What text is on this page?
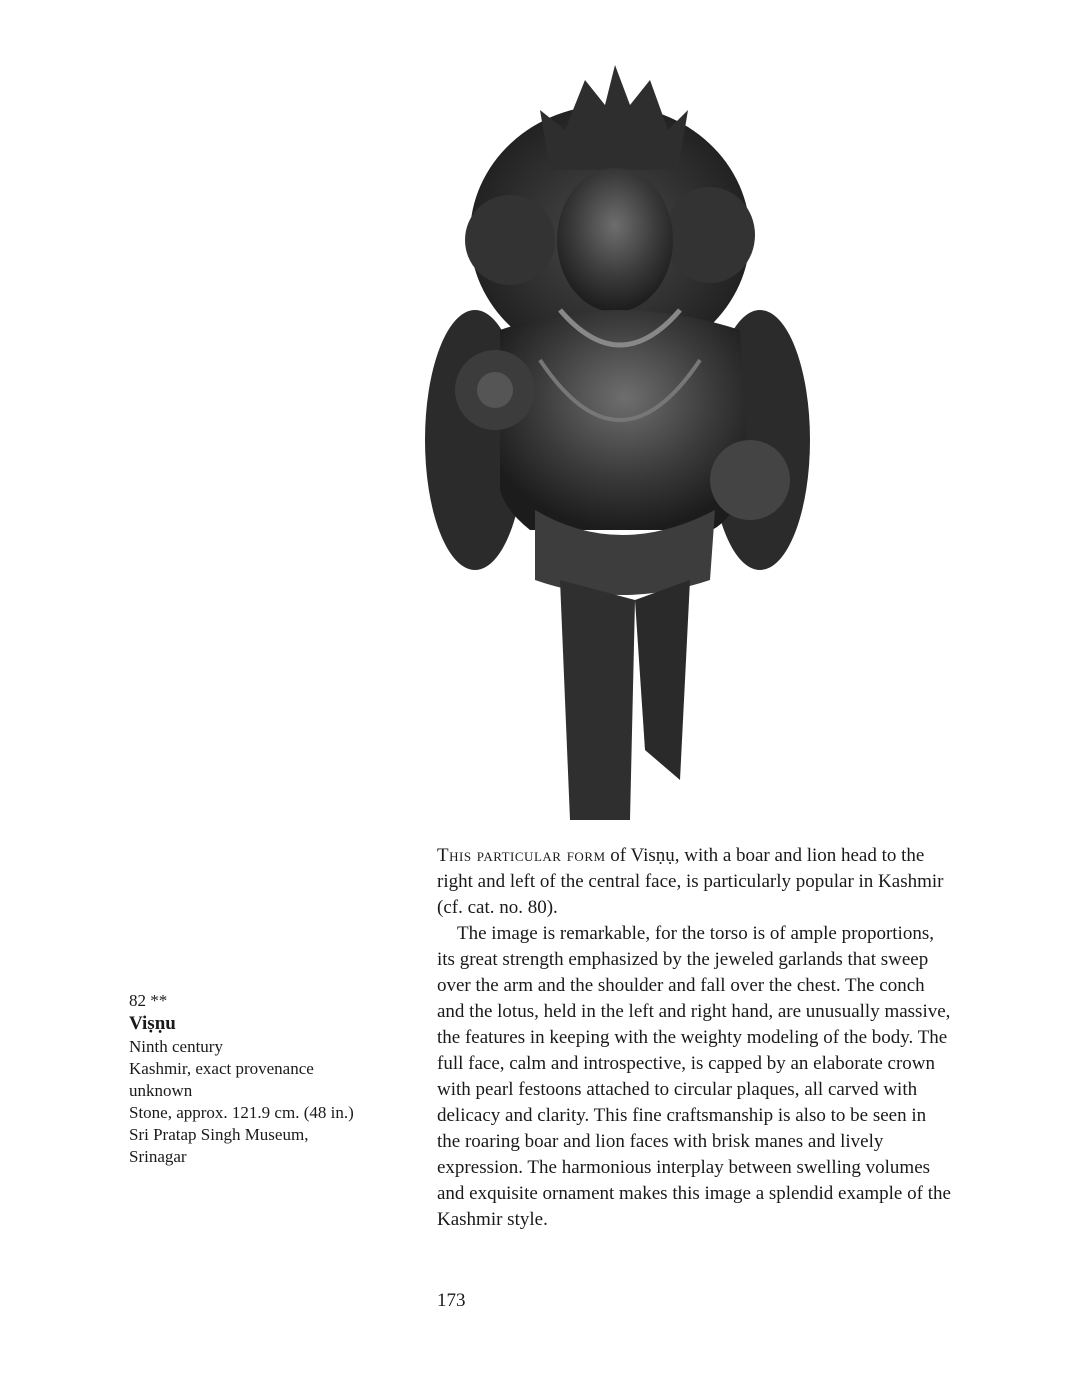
82 **
Viṣṇu
Ninth century
Kashmir, exact provenance
unknown
Stone, approx. 121.9 cm. (48 in.)
Sri Pratap Singh Museum,
Srinagar

This particular form of Visṇụ, with a boar and lion head to the right and left of the central face, is particularly popular in Kashmir (cf. cat. no. 80).

The image is remarkable, for the torso is of ample proportions, its great strength emphasized by the jeweled garlands that sweep over the arm and the shoulder and fall over the chest. The conch and the lotus, held in the left and right hand, are unusually massive, the features in keeping with the weighty modeling of the body. The full face, calm and introspective, is capped by an elaborate crown with pearl festoons attached to circular plaques, all carved with delicacy and clarity. This fine craftsmanship is also to be seen in the roaring boar and lion faces with brisk manes and lively expression. The harmonious interplay between swelling volumes and exquisite ornament makes this image a splendid example of the Kashmir style.

173
